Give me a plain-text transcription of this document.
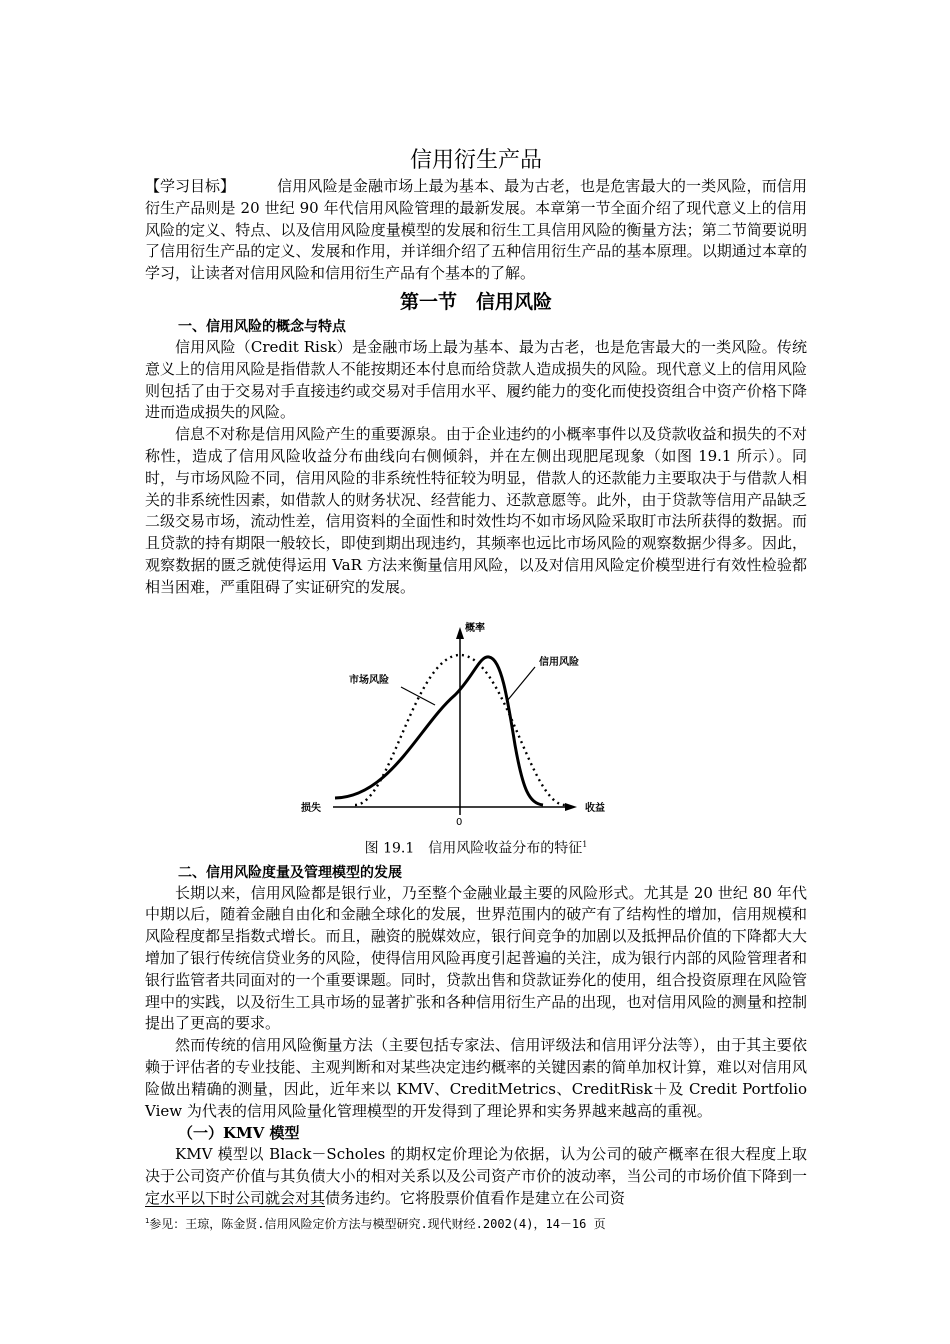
信用衍生产品

【学习目标】	信用风险是金融市场上最为基本、最为古老，也是危害最大的一类风险，而信用衍生产品则是 20 世纪 90 年代信用风险管理的最新发展。本章第一节全面介绍了现代意义上的信用风险的定义、特点、以及信用风险度量模型的发展和衍生工具信用风险的衡量方法；第二节简要说明了信用衍生产品的定义、发展和作用，并详细介绍了五种信用衍生产品的基本原理。以期通过本章的学习，让读者对信用风险和信用衍生产品有个基本的了解。

第一节　信用风险
一、信用风险的概念与特点

信用风险（Credit Risk）是金融市场上最为基本、最为古老，也是危害最大的一类风险。传统意义上的信用风险是指借款人不能按期还本付息而给贷款人造成损失的风险。现代意义上的信用风险则包括了由于交易对手直接违约或交易对手信用水平、履约能力的变化而使投资组合中资产价格下降进而造成损失的风险。

信息不对称是信用风险产生的重要源泉。由于企业违约的小概率事件以及贷款收益和损失的不对称性，造成了信用风险收益分布曲线向右侧倾斜，并在左侧出现肥尾现象（如图 19.1 所示）。同时，与市场风险不同，信用风险的非系统性特征较为明显，借款人的还款能力主要取决于与借款人相关的非系统性因素，如借款人的财务状况、经营能力、还款意愿等。此外，由于贷款等信用产品缺乏二级交易市场，流动性差，信用资料的全面性和时效性均不如市场风险采取盯市法所获得的数据。而且贷款的持有期限一般较长，即使到期出现违约，其频率也远比市场风险的观察数据少得多。因此，观察数据的匮乏就使得运用 VaR 方法来衡量信用风险，以及对信用风险定价模型进行有效性检验都相当困难，严重阻碍了实证研究的发展。

概率
收益
损失
0
市场风险
信用风险
图 19.1　信用风险收益分布的特征$^1$
二、信用风险度量及管理模型的发展

长期以来，信用风险都是银行业，乃至整个金融业最主要的风险形式。尤其是 20 世纪 80 年代中期以后，随着金融自由化和金融全球化的发展，世界范围内的破产有了结构性的增加，信用规模和风险程度都呈指数式增长。而且，融资的脱媒效应，银行间竞争的加剧以及抵押品价值的下降都大大增加了银行传统信贷业务的风险，使得信用风险再度引起普遍的关注，成为银行内部的风险管理者和银行监管者共同面对的一个重要课题。同时，贷款出售和贷款证券化的使用，组合投资原理在风险管理中的实践，以及衍生工具市场的显著扩张和各种信用衍生产品的出现，也对信用风险的测量和控制提出了更高的要求。

然而传统的信用风险衡量方法（主要包括专家法、信用评级法和信用评分法等），由于其主要依赖于评估者的专业技能、主观判断和对某些决定违约概率的关键因素的简单加权计算，难以对信用风险做出精确的测量，因此，近年来以 KMV、CreditMetrics、CreditRisk＋及 Credit Portfolio View 为代表的信用风险量化管理模型的开发得到了理论界和实务界越来越高的重视。

（一）KMV 模型

KMV 模型以 Black－Scholes 的期权定价理论为依据，认为公司的破产概率在很大程度上取决于公司资产价值与其负债大小的相对关系以及公司资产市价的波动率，当公司的市场价值下降到一定水平以下时公司就会对其债务违约。它将股票价值看作是建立在公司资

$^1$参见：王琼，陈金贤.信用风险定价方法与模型研究.现代财经.2002(4)，14－16 页
